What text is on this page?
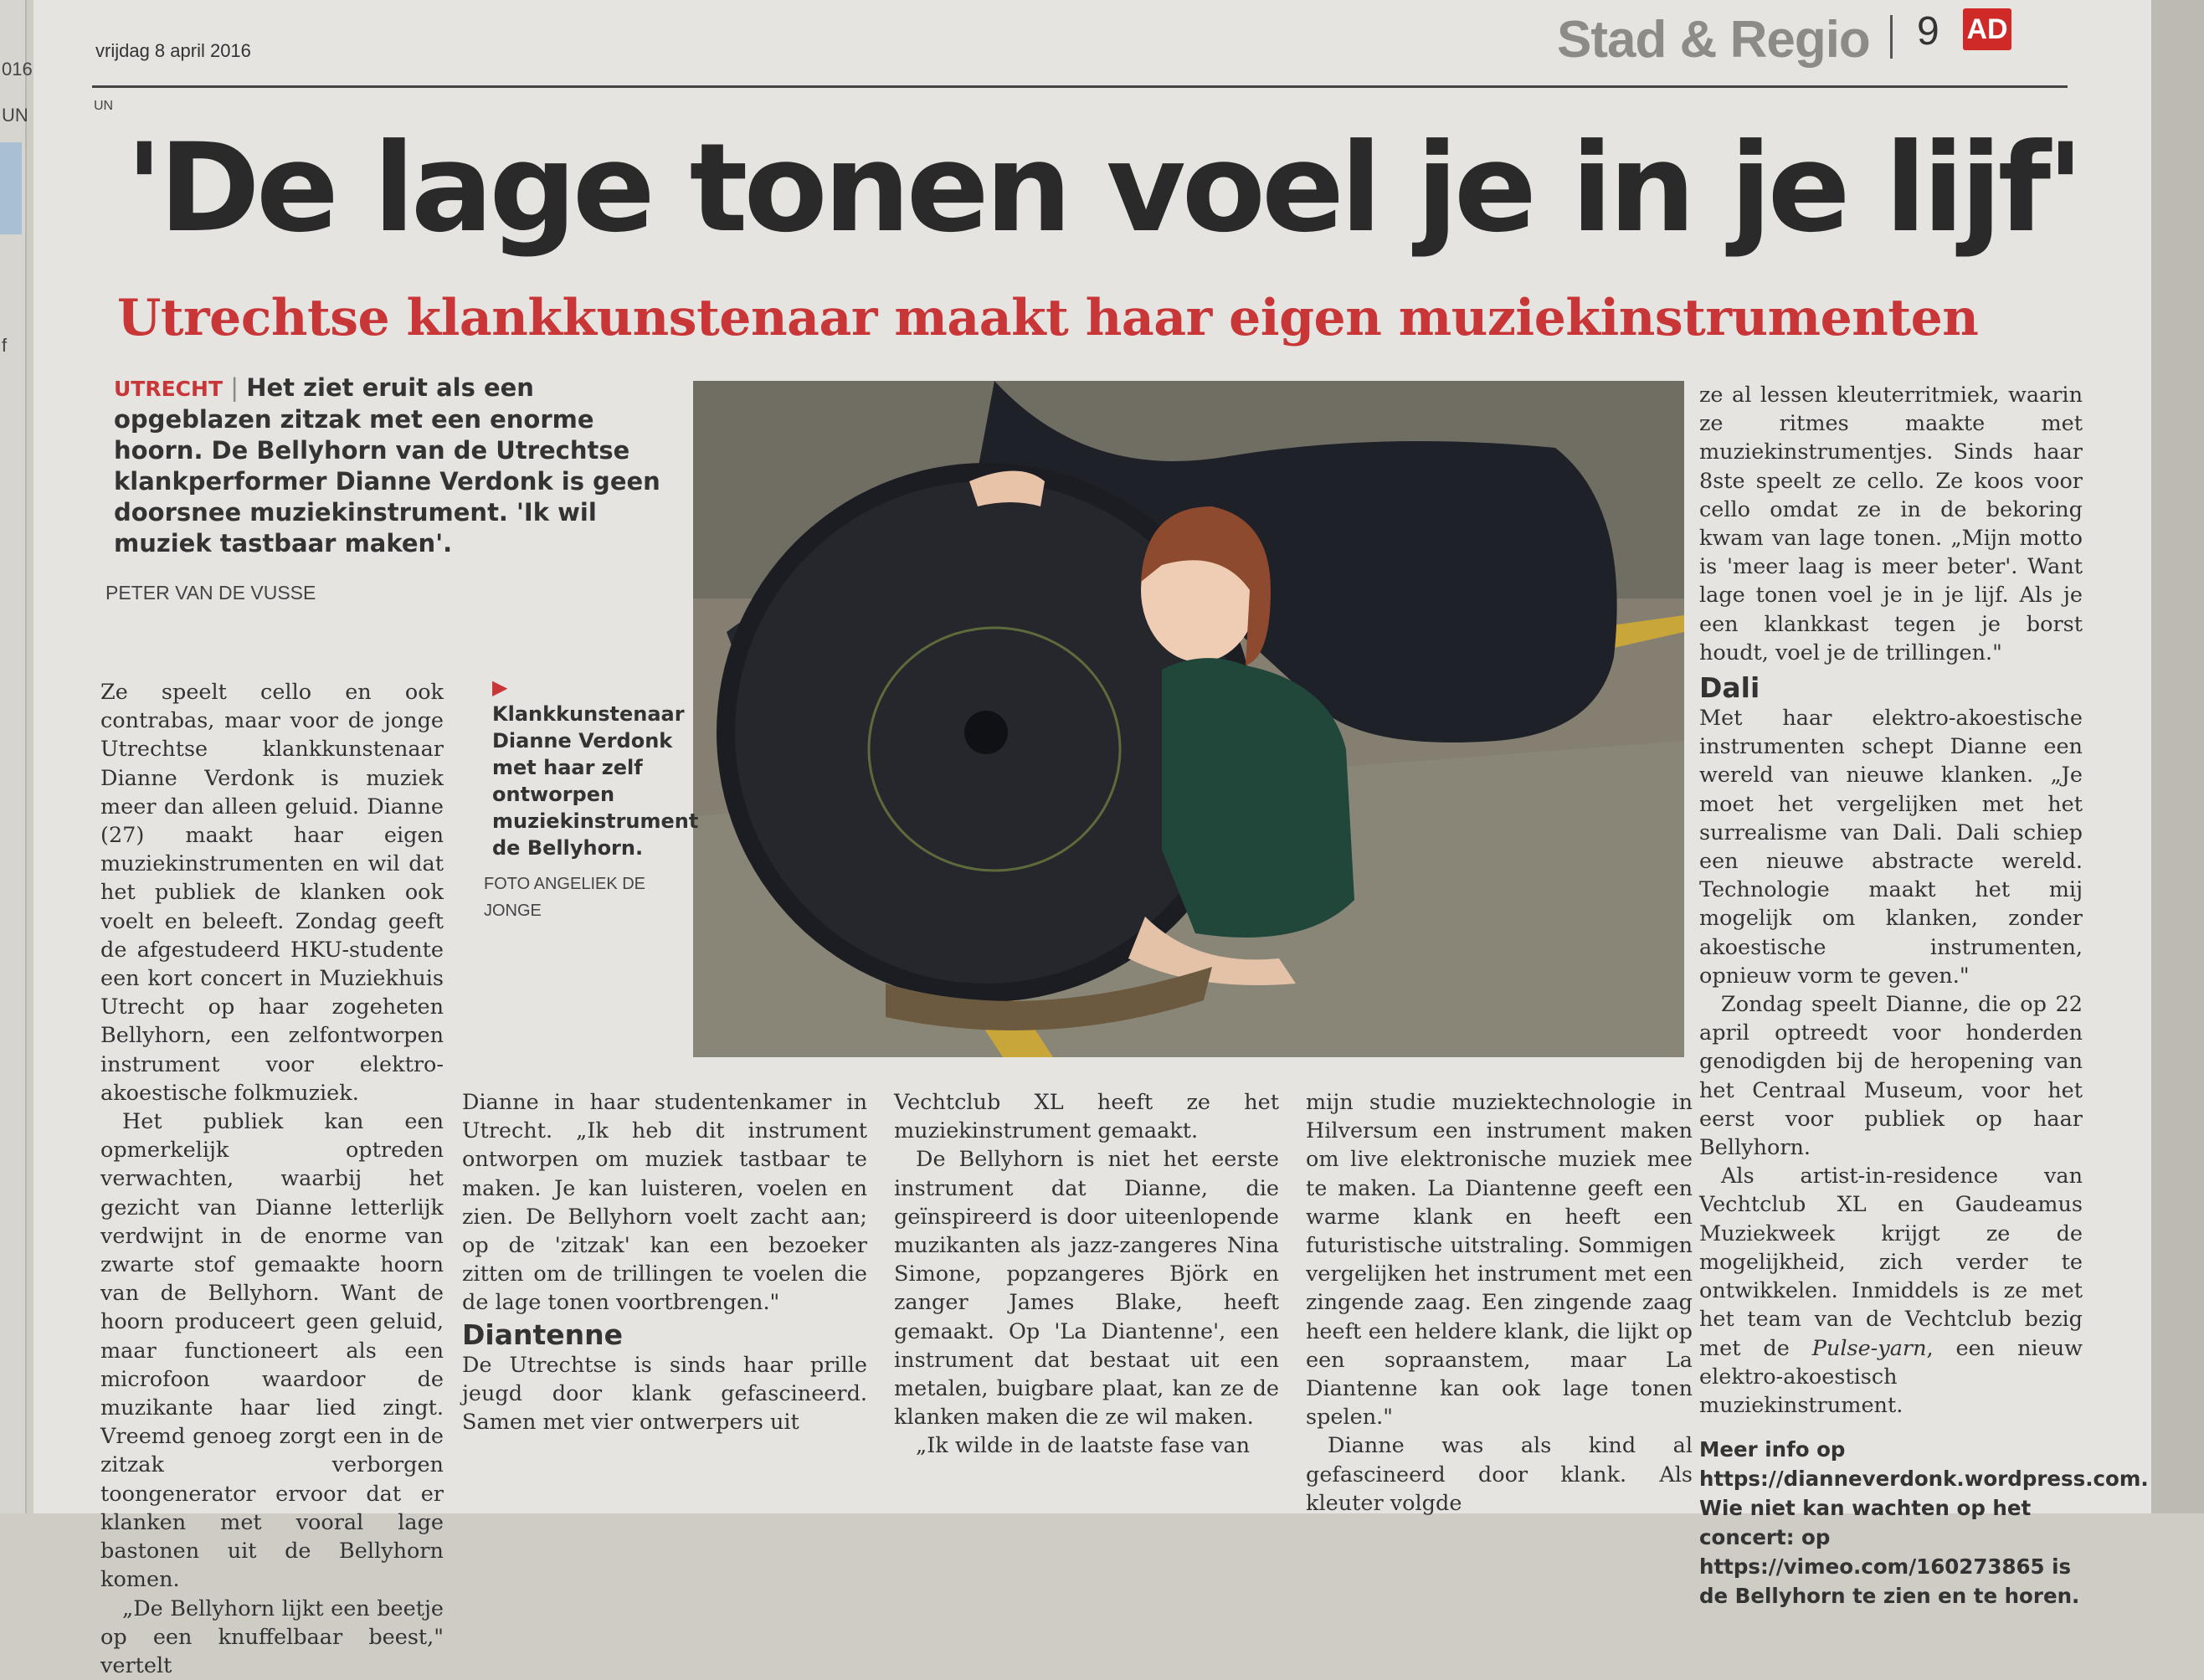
016
UN
f
vrijdag 8 april 2016
UN
Stad & Regio 9 AD
'De lage tonen voel je in je lijf'
Utrechtse klankkunstenaar maakt haar eigen muziekinstrumenten
UTRECHT | Het ziet eruit als een opgeblazen zitzak met een enorme hoorn. De Bellyhorn van de Utrechtse klankperformer Dianne Verdonk is geen doorsnee muziekinstrument. 'Ik wil muziek tastbaar maken'.
PETER VAN DE VUSSE
▶ Klankkunstenaar Dianne Verdonk met haar zelf ontworpen muziekinstrument de Bellyhorn.
FOTO ANGELIEK DE JONGE

Ze speelt cello en ook contrabas, maar voor de jonge Utrechtse klankkunstenaar Dianne Verdonk is muziek meer dan alleen geluid. Dianne (27) maakt haar eigen muziekinstrumenten en wil dat het publiek de klanken ook voelt en beleeft. Zondag geeft de afgestudeerd HKU-studente een kort concert in Muziekhuis Utrecht op haar zogeheten Bellyhorn, een zelfontworpen instrument voor elektro-akoestische folkmuziek.

Het publiek kan een opmerkelijk optreden verwachten, waarbij het gezicht van Dianne letterlijk verdwijnt in de enorme van zwarte stof gemaakte hoorn van de Bellyhorn. Want de hoorn produceert geen geluid, maar functioneert als een microfoon waardoor de muzikante haar lied zingt. Vreemd genoeg zorgt een in de zitzak verborgen toongenerator ervoor dat er klanken met vooral lage bastonen uit de Bellyhorn komen.

„De Bellyhorn lijkt een beetje op een knuffelbaar beest," vertelt

Dianne in haar studentenkamer in Utrecht. „Ik heb dit instrument ontworpen om muziek tastbaar te maken. Je kan luisteren, voelen en zien. De Bellyhorn voelt zacht aan; op de 'zitzak' kan een bezoeker zitten om de trillingen te voelen die de lage tonen voortbrengen."

Diantenne

De Utrechtse is sinds haar prille jeugd door klank gefascineerd. Samen met vier ontwerpers uit

Vechtclub XL heeft ze het muziekinstrument gemaakt.

De Bellyhorn is niet het eerste instrument dat Dianne, die geïnspireerd is door uiteenlopende muzikanten als jazz-zangeres Nina Simone, popzangeres Björk en zanger James Blake, heeft gemaakt. Op 'La Diantenne', een instrument dat bestaat uit een metalen, buigbare plaat, kan ze de klanken maken die ze wil maken.

„Ik wilde in de laatste fase van

mijn studie muziektechnologie in Hilversum een instrument maken om live elektronische muziek mee te maken. La Diantenne geeft een warme klank en heeft een futuristische uitstraling. Sommigen vergelijken het instrument met een zingende zaag. Een zingende zaag heeft een heldere klank, die lijkt op een sopraanstem, maar La Diantenne kan ook lage tonen spelen."

Dianne was als kind al gefascineerd door klank. Als kleuter volgde

ze al lessen kleuterritmiek, waarin ze ritmes maakte met muziekinstrumentjes. Sinds haar 8ste speelt ze cello. Ze koos voor cello omdat ze in de bekoring kwam van lage tonen. „Mijn motto is 'meer laag is meer beter'. Want lage tonen voel je in je lijf. Als je een klankkast tegen je borst houdt, voel je de trillingen."

Dali

Met haar elektro-akoestische instrumenten schept Dianne een wereld van nieuwe klanken. „Je moet het vergelijken met het surrealisme van Dali. Dali schiep een nieuwe abstracte wereld. Technologie maakt het mij mogelijk om klanken, zonder akoestische instrumenten, opnieuw vorm te geven."

Zondag speelt Dianne, die op 22 april optreedt voor honderden genodigden bij de heropening van het Centraal Museum, voor het eerst voor publiek op haar Bellyhorn.

Als artist-in-residence van Vechtclub XL en Gaudeamus Muziekweek krijgt ze de mogelijkheid, zich verder te ontwikkelen. Inmiddels is ze met het team van de Vechtclub bezig met de Pulse-yarn, een nieuw elektro-akoestisch muziekinstrument.

Meer info op https://dianneverdonk.wordpress.com. Wie niet kan wachten op het concert: op https://vimeo.com/160273865 is de Bellyhorn te zien en te horen.
